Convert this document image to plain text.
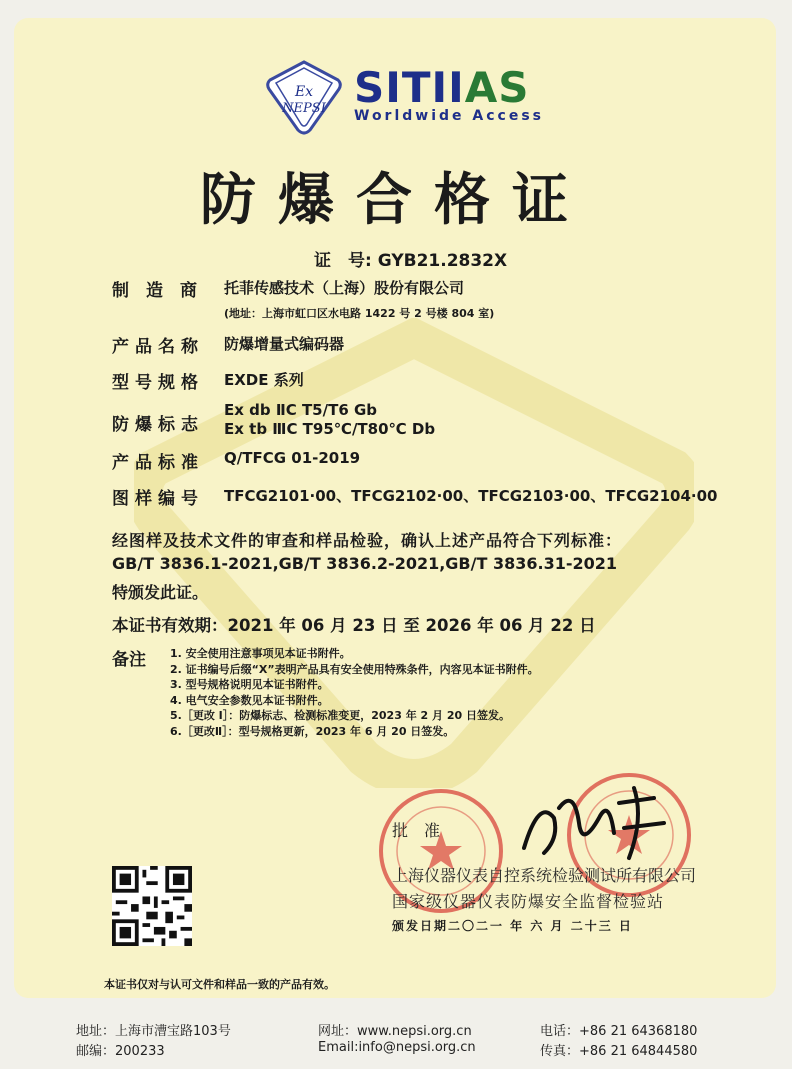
Ex
NEPSI SITIIAS
Worldwide Access
防爆合格证
证　号: GYB21.2832X
制　造　商 托菲传感技术（上海）股份有限公司
(地址：上海市虹口区水电路 1422 号 2 号楼 804 室)
产品名称 防爆增量式编码器
型号规格 EXDE 系列
防爆标志
Ex db ⅡC T5/T6 Gb
Ex tb ⅢC T95℃/T80℃ Db
产品标准 Q/TFCG 01-2019
图样编号 TFCG2101·00、TFCG2102·00、TFCG2103·00、TFCG2104·00
经图样及技术文件的审查和样品检验，确认上述产品符合下列标准：
GB/T 3836.1-2021,GB/T 3836.2-2021,GB/T 3836.31-2021
特颁发此证。
本证书有效期：2021 年 06 月 23 日 至 2026 年 06 月 22 日
备注 1. 安全使用注意事项见本证书附件。
2. 证书编号后缀“X”表明产品具有安全使用特殊条件，内容见本证书附件。
3. 型号规格说明见本证书附件。
4. 电气安全参数见本证书附件。
5.［更改 Ⅰ］：防爆标志、检测标准变更，2023 年 2 月 20 日签发。
6.［更改Ⅱ］：型号规格更新，2023 年 6 月 20 日签发。
批　准
上海仪器仪表自控系统检验测试所有限公司
国家级仪器仪表防爆安全监督检验站
颁发日期二〇二一 年 六 月 二十三 日
本证书仅对与认可文件和样品一致的产品有效。
地址：上海市漕宝路103号
邮编：200233
网址：www.nepsi.org.cn
Email:info@nepsi.org.cn
电话：+86 21 64368180
传真：+86 21 64844580
